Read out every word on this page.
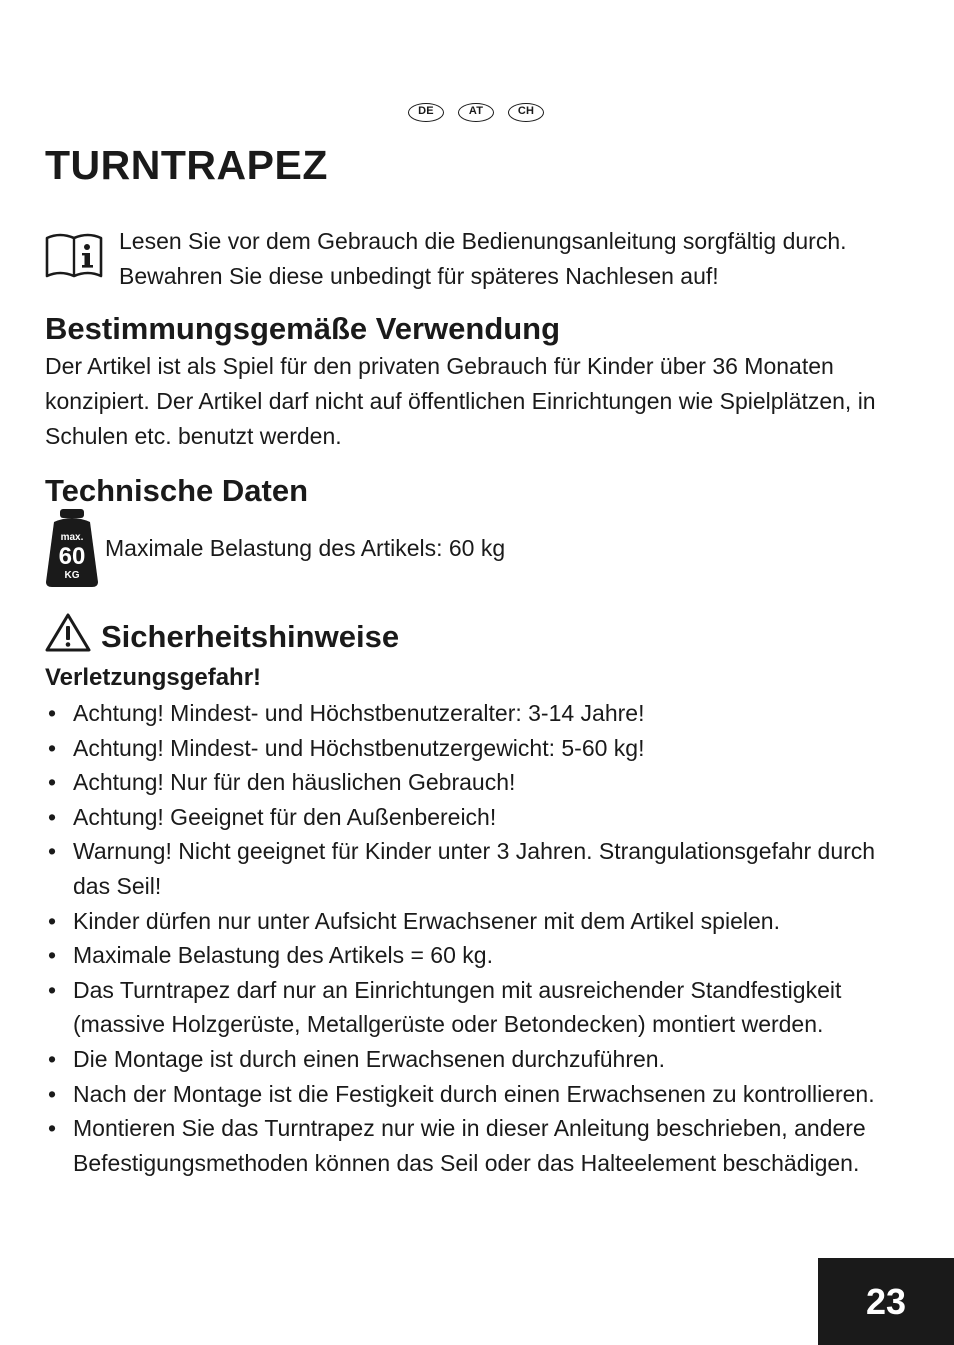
DE	AT	CH
TURNTRAPEZ

Lesen Sie vor dem Gebrauch die Bedienungsanleitung sorgfältig durch. Bewahren Sie diese unbedingt für späteres Nachlesen auf!

Bestimmungsgemäße Verwendung

Der Artikel ist als Spiel für den privaten Gebrauch für Kinder über 36 Monaten konzipiert. Der Artikel darf nicht auf öffentlichen Einrichtungen wie Spielplätzen, in Schulen etc. benutzt werden.

Technische Daten
max.
60
KG

Maximale Belastung des Artikels: 60 kg

Sicherheitshinweise
Verletzungsgefahr!
• Achtung! Mindest- und Höchstbenutzeralter: 3-14 Jahre!
• Achtung! Mindest- und Höchstbenutzergewicht: 5-60 kg!
• Achtung! Nur für den häuslichen Gebrauch!
• Achtung! Geeignet für den Außenbereich!
• Warnung! Nicht geeignet für Kinder unter 3 Jahren. Strangulationsgefahr durch das Seil!
• Kinder dürfen nur unter Aufsicht Erwachsener mit dem Artikel spielen.
• Maximale Belastung des Artikels = 60 kg.
• Das Turntrapez darf nur an Einrichtungen mit ausreichender Standfestigkeit (massive Holzgerüste, Metallgerüste oder Betondecken) montiert werden.
• Die Montage ist durch einen Erwachsenen durchzuführen.
• Nach der Montage ist die Festigkeit durch einen Erwachsenen zu kontrollieren.
• Montieren Sie das Turntrapez nur wie in dieser Anleitung beschrieben, andere Befestigungsmethoden können das Seil oder das Halteelement beschädigen.
23
